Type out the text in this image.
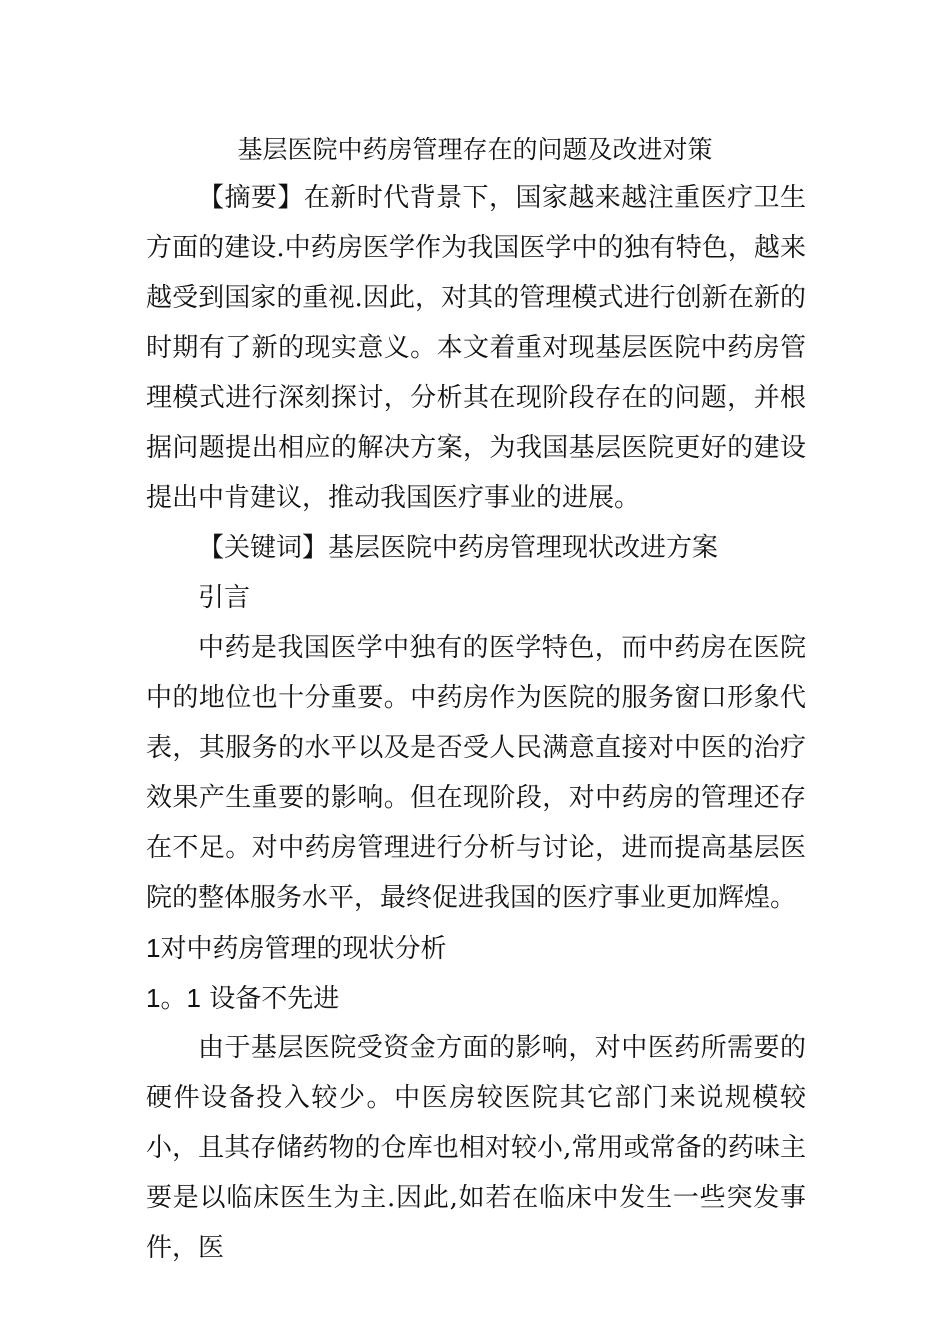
基层医院中药房管理存在的问题及改进对策

【摘要】在新时代背景下，国家越来越注重医疗卫生方面的建设.中药房医学作为我国医学中的独有特色，越来越受到国家的重视.因此，对其的管理模式进行创新在新的时期有了新的现实意义。本文着重对现基层医院中药房管理模式进行深刻探讨，分析其在现阶段存在的问题，并根据问题提出相应的解决方案，为我国基层医院更好的建设提出中肯建议，推动我国医疗事业的进展。

【关键词】基层医院中药房管理现状改进方案

引言

中药是我国医学中独有的医学特色，而中药房在医院中的地位也十分重要。中药房作为医院的服务窗口形象代表，其服务的水平以及是否受人民满意直接对中医的治疗效果产生重要的影响。但在现阶段，对中药房的管理还存在不足。对中药房管理进行分析与讨论，进而提高基层医院的整体服务水平，最终促进我国的医疗事业更加辉煌。

1对中药房管理的现状分析

1。1 设备不先进

由于基层医院受资金方面的影响，对中医药所需要的硬件设备投入较少。中医房较医院其它部门来说规模较小，且其存储药物的仓库也相对较小,常用或常备的药味主要是以临床医生为主.因此,如若在临床中发生一些突发事件，医
